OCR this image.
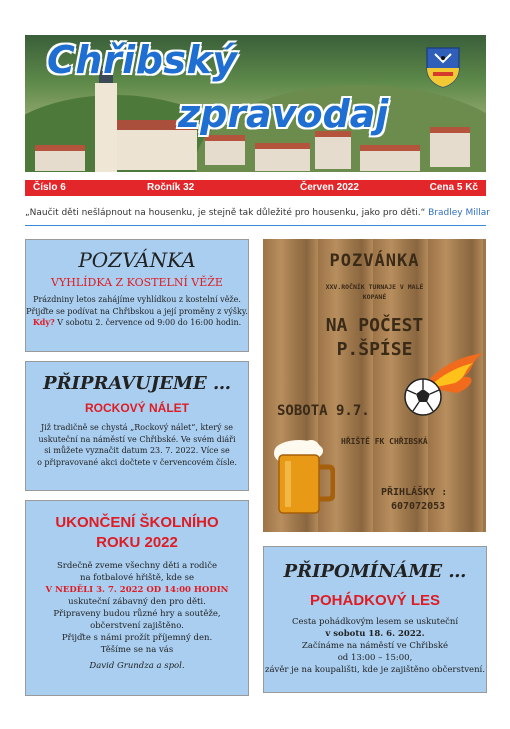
Chřibský
zpravodaj
Číslo 6	Ročník 32	Červen 2022	Cena 5 Kč
„Naučit děti nešlápnout na housenku, je stejně tak důležité pro housenku, jako pro děti.“ Bradley Millar
POZVÁNKA
VYHLÍDKA Z KOSTELNÍ VĚŽE
Prázdniny letos zahájíme vyhlídkou z kostelní věže.
Přijďte se podívat na Chřibskou a její proměny z výšky.
Kdy? V sobotu 2. července od 9:00 do 16:00 hodin.
PŘIPRAVUJEME …
ROCKOVÝ NÁLET
Již tradičně se chystá „Rockový nálet“, který se
uskuteční na náměstí ve Chřibské. Ve svém diáři
si můžete vyznačit datum 23. 7. 2022. Více se
o připravované akci dočtete v červencovém čísle.
UKONČENÍ ŠKOLNÍHO
ROKU 2022
Srdečně zveme všechny děti a rodiče
na fotbalové hřiště, kde se
V NEDĚLI 3. 7. 2022 OD 14:00 HODIN
uskuteční zábavný den pro děti.
Připraveny budou různé hry a soutěže,
občerstvení zajištěno.
Přijďte s námi prožít příjemný den.
Těšíme se na vás
David Grundza a spol.
POZVÁNKA
XXV.ROČNÍK TURNAJE V MALÉ
KOPANÉ
NA POČEST
P.ŠPÍSE
SOBOTA 9.7.
HŘIŠTĚ FK CHŘIBSKÁ
PŘIHLÁŠKY :
607072053
PŘIPOMÍNÁME …
POHÁDKOVÝ LES
Cesta pohádkovým lesem se uskuteční
v sobotu 18. 6. 2022.
Začínáme na náměstí ve Chřibské
od 13:00 – 15:00,
závěr je na koupališti, kde je zajištěno občerstvení.
